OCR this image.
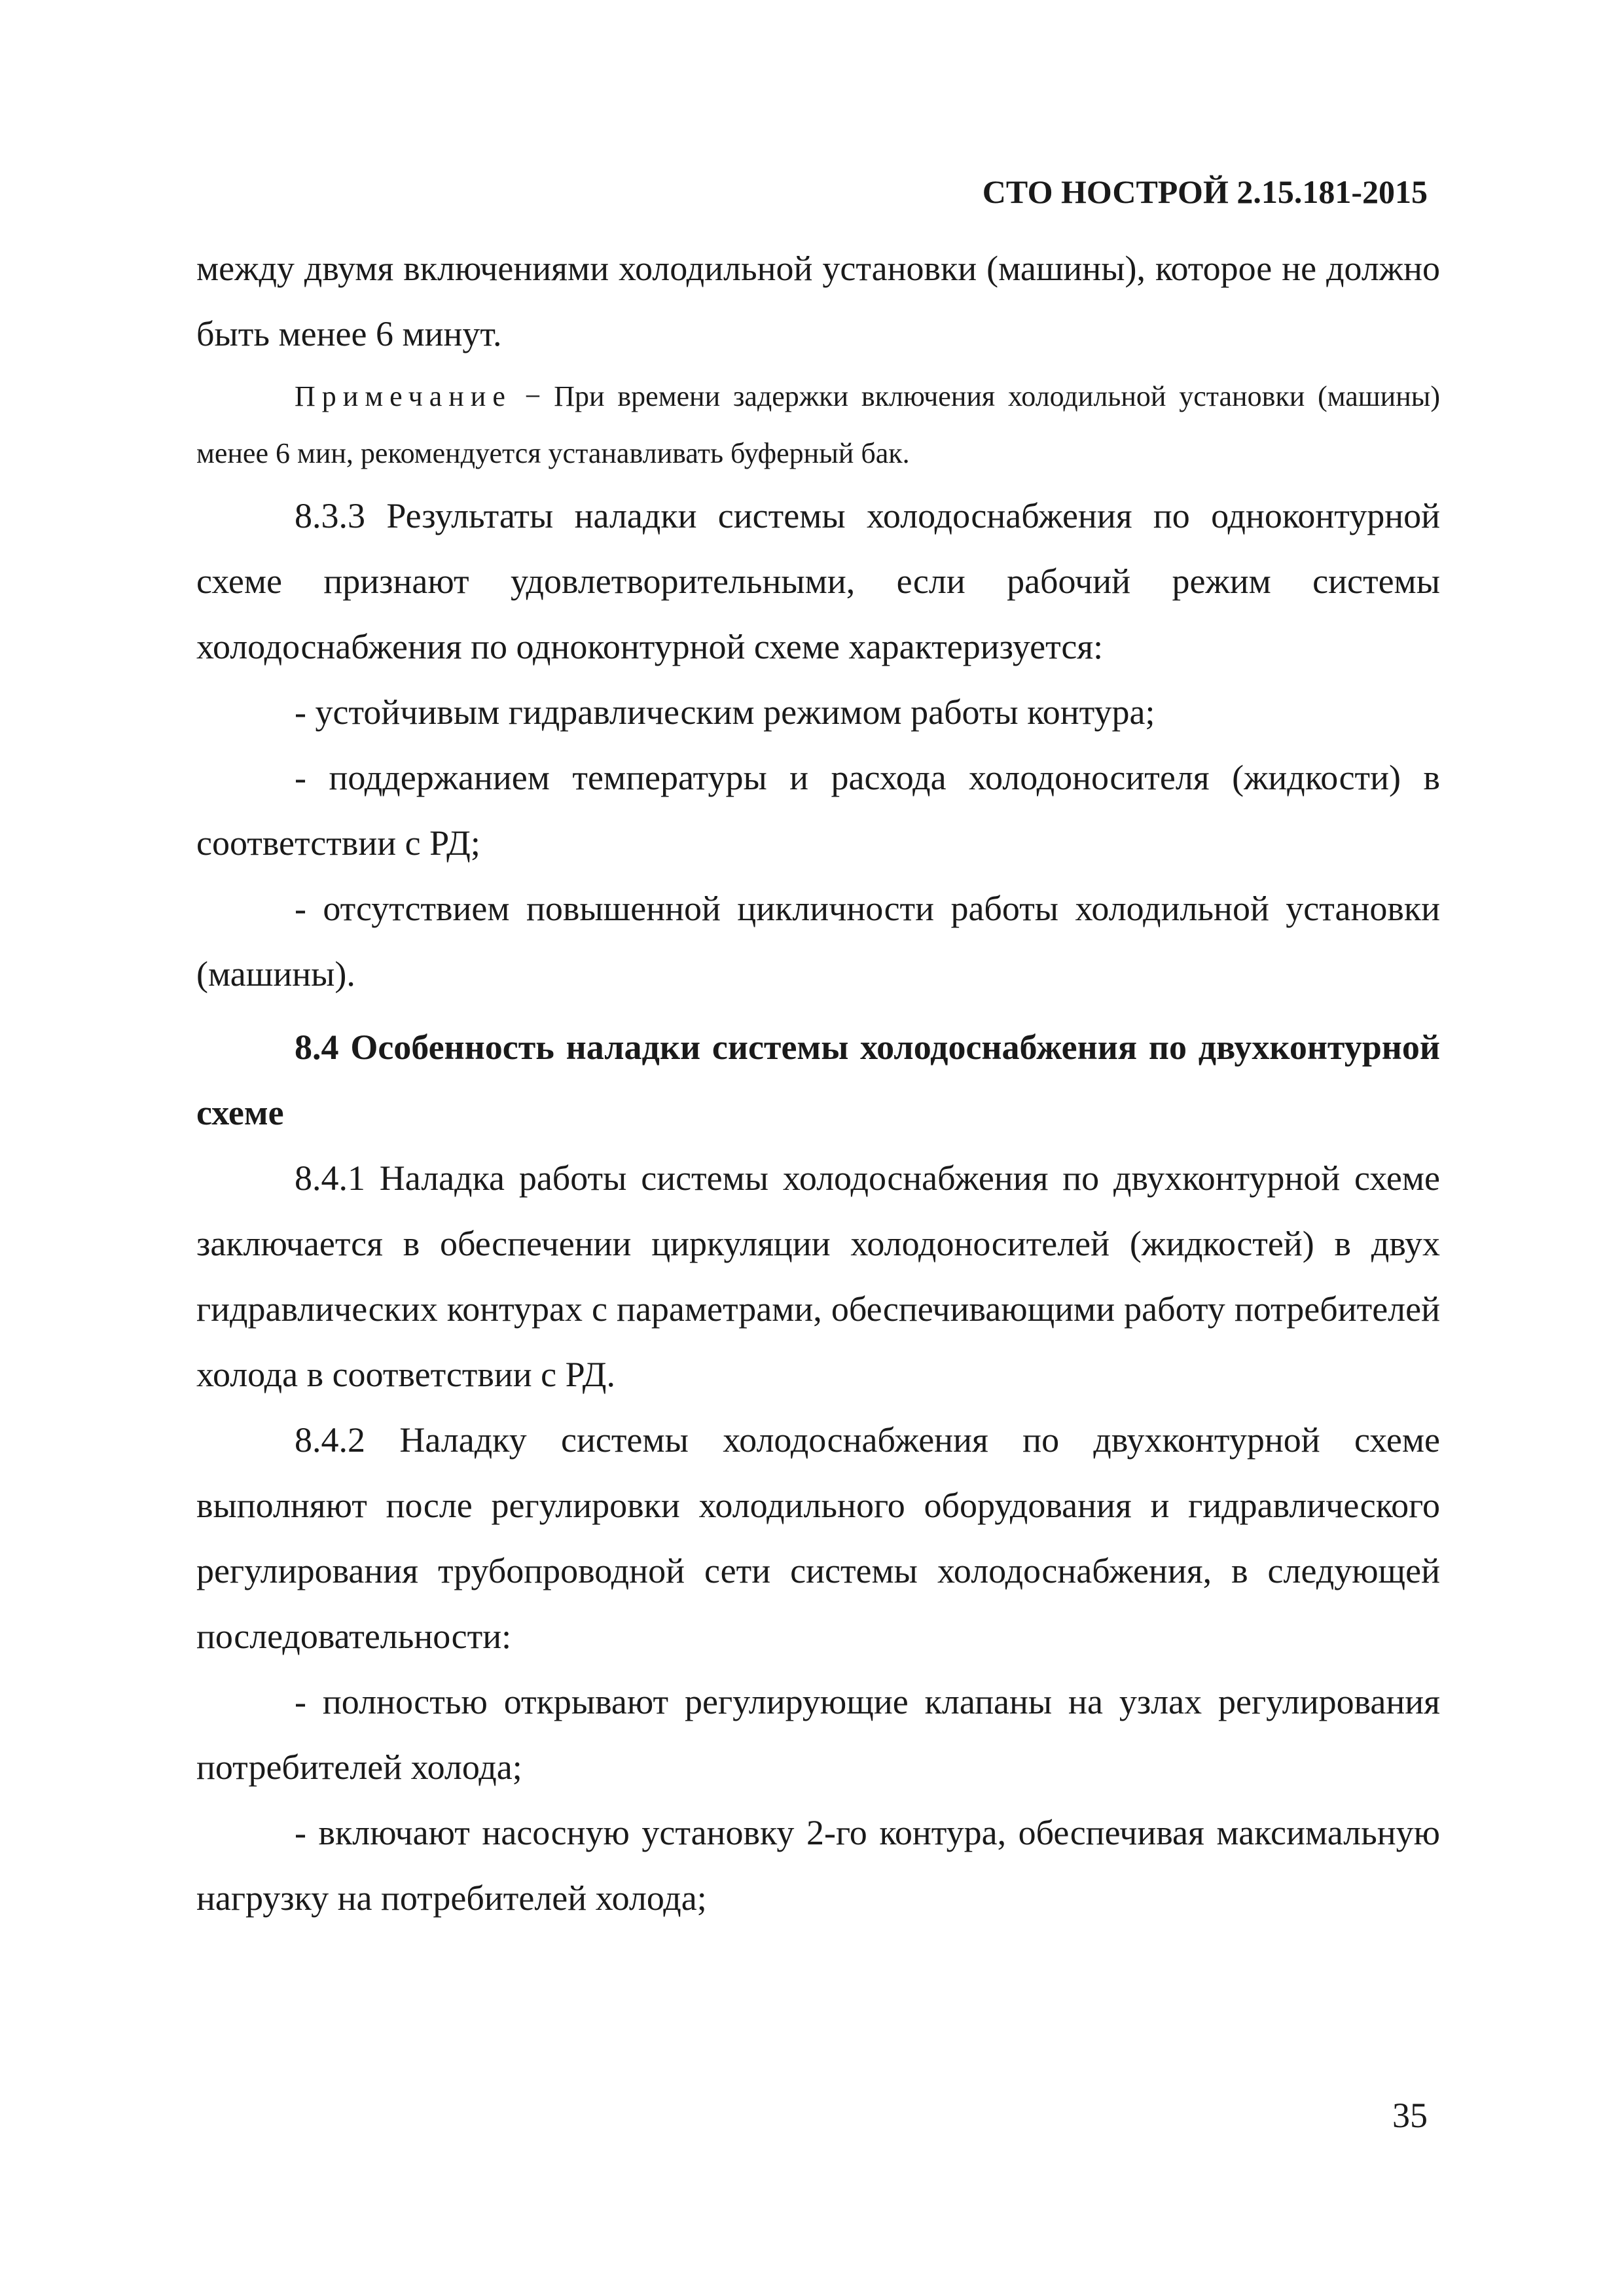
СТО НОСТРОЙ 2.15.181-2015

между двумя включениями холодильной установки (машины), которое не должно быть менее 6 минут.

Примечание − При времени задержки включения холодильной установки (машины) менее 6 мин, рекомендуется устанавливать буферный бак.

8.3.3 Результаты наладки системы холодоснабжения по одноконтурной схеме признают удовлетворительными, если рабочий режим системы холодоснабжения по одноконтурной схеме характеризуется:

- устойчивым гидравлическим режимом работы контура;

- поддержанием температуры и расхода холодоносителя (жидкости) в соответствии с РД;

- отсутствием повышенной цикличности работы холодильной установки (машины).

8.4 Особенность наладки системы холодоснабжения по двухконтурной схеме

8.4.1 Наладка работы системы холодоснабжения по двухконтурной схеме заключается в обеспечении циркуляции холодоносителей (жидкостей) в двух гидравлических контурах с параметрами, обеспечивающими работу потребителей холода в соответствии с РД.

8.4.2 Наладку системы холодоснабжения по двухконтурной схеме выполняют после регулировки холодильного оборудования и гидравлического регулирования трубопроводной сети системы холодоснабжения, в следующей последовательности:

- полностью открывают регулирующие клапаны на узлах регулирования потребителей холода;

- включают насосную установку 2-го контура, обеспечивая максимальную нагрузку на потребителей холода;

35
